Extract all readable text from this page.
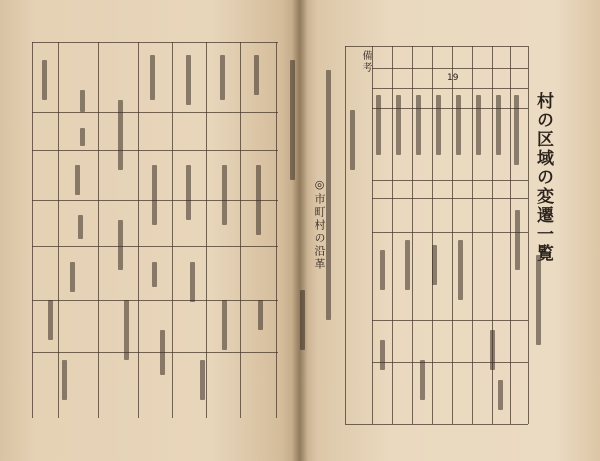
◎市町村の沿革	村の区域の変遷一覧
備考
19
